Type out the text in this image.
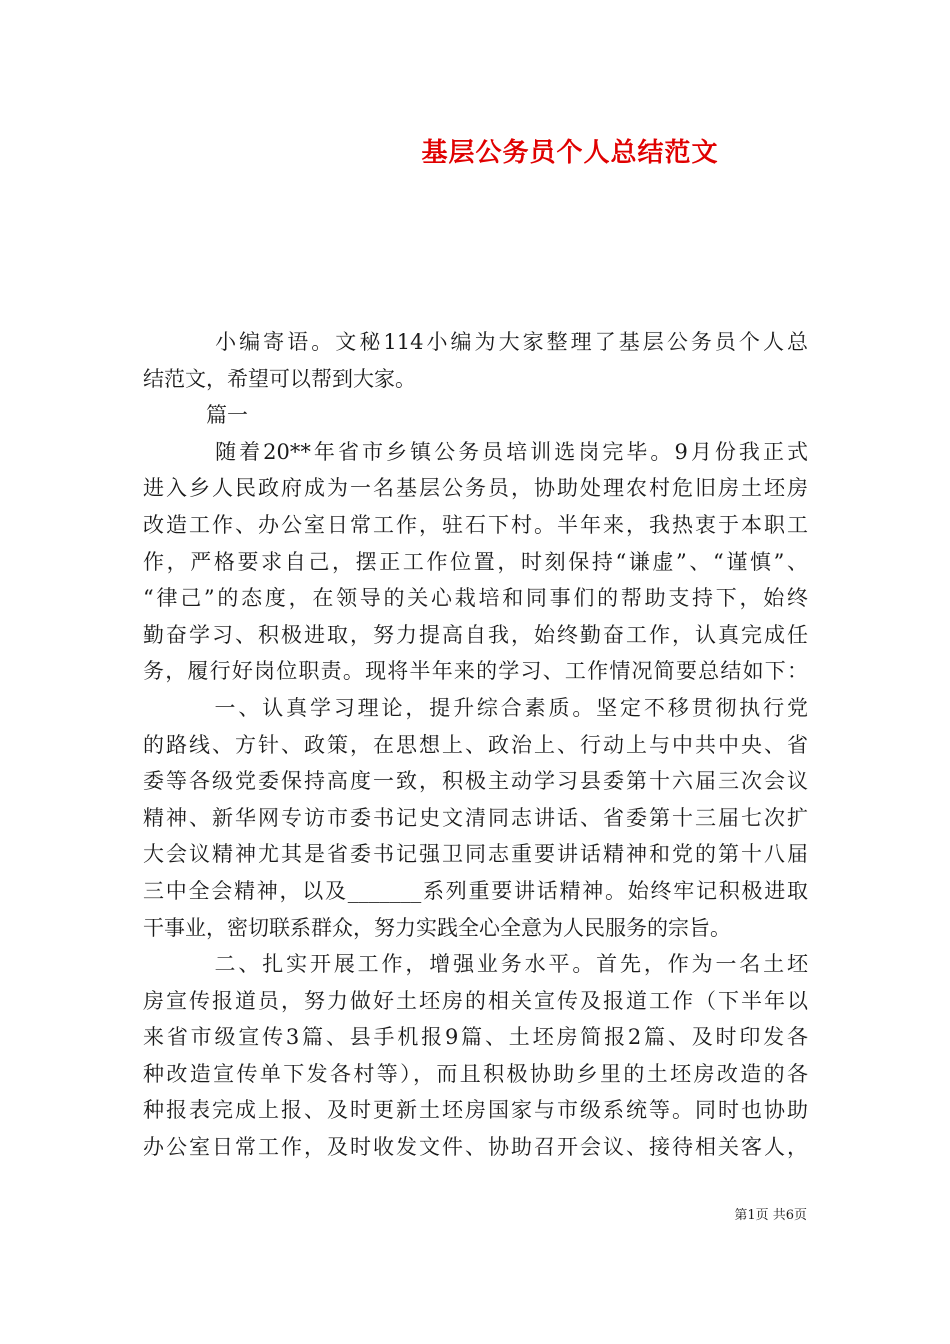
基层公务员个人总结范文
　　　小编寄语。文秘114小编为大家整理了基层公务员个人总
结范文，希望可以帮到大家。
　　　篇一
　　　随着20**年省市乡镇公务员培训选岗完毕。9月份我正式
进入乡人民政府成为一名基层公务员，协助处理农村危旧房土坯房
改造工作、办公室日常工作，驻石下村。半年来，我热衷于本职工
作，严格要求自己，摆正工作位置，时刻保持“谦虚”、“谨慎”、
“律己”的态度，在领导的关心栽培和同事们的帮助支持下，始终
勤奋学习、积极进取，努力提高自我，始终勤奋工作，认真完成任
务，履行好岗位职责。现将半年来的学习、工作情况简要总结如下：
　　　一、认真学习理论，提升综合素质。坚定不移贯彻执行党
的路线、方针、政策，在思想上、政治上、行动上与中共中央、省
委等各级党委保持高度一致，积极主动学习县委第十六届三次会议
精神、新华网专访市委书记史文清同志讲话、省委第十三届七次扩
大会议精神尤其是省委书记强卫同志重要讲话精神和党的第十八届
三中全会精神，以及_______系列重要讲话精神。始终牢记积极进取
干事业，密切联系群众，努力实践全心全意为人民服务的宗旨。
　　　二、扎实开展工作，增强业务水平。首先，作为一名土坯
房宣传报道员，努力做好土坯房的相关宣传及报道工作（下半年以
来省市级宣传3篇、县手机报9篇、土坯房简报2篇、及时印发各
种改造宣传单下发各村等），而且积极协助乡里的土坯房改造的各
种报表完成上报、及时更新土坯房国家与市级系统等。同时也协助
办公室日常工作，及时收发文件、协助召开会议、接待相关客人，
第1页 共6页
